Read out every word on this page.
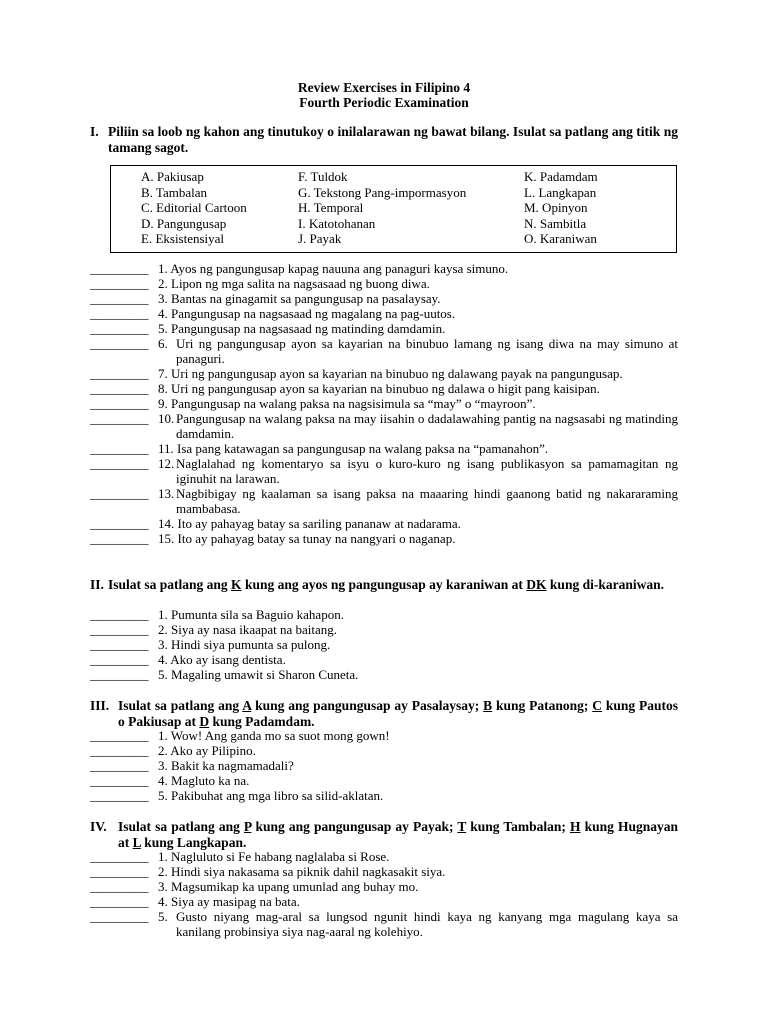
Review Exercises in Filipino 4
Fourth Periodic Examination
I. Piliin sa loob ng kahon ang tinutukoy o inilalarawan ng bawat bilang. Isulat sa patlang ang titik ng tamang sagot.
A. Pakiusap
B. Tambalan
C. Editorial Cartoon
D. Pangungusap
E. Eksistensiyal
F. Tuldok
G. Tekstong Pang-impormasyon
H. Temporal
I. Katotohanan
J. Payak
K. Padamdam
L. Langkapan
M. Opinyon
N. Sambitla
O. Karaniwan
_________ 1. Ayos ng pangungusap kapag nauuna ang panaguri kaysa simuno.
_________ 2. Lipon ng mga salita na nagsasaad ng buong diwa.
_________ 3. Bantas na ginagamit sa pangungusap na pasalaysay.
_________ 4. Pangungusap na nagsasaad ng magalang na pag-uutos.
_________ 5. Pangungusap na nagsasaad ng matinding damdamin.
_________	Uri ng pangungusap ayon sa kayarian na binubuo lamang ng isang diwa na may simuno at panaguri.
6.
_________ 7. Uri ng pangungusap ayon sa kayarian na binubuo ng dalawang payak na pangungusap.
_________ 8. Uri ng pangungusap ayon sa kayarian na binubuo ng dalawa o higit pang kaisipan.
_________ 9. Pangungusap na walang paksa na nagsisimula sa “may” o “mayroon”.
_________	Pangungusap na walang paksa na may iisahin o dadalawahing pantig na nagsasabi ng matinding damdamin.
10.
_________ 11. Isa pang katawagan sa pangungusap na walang paksa na “pamanahon”.
_________	Naglalahad ng komentaryo sa isyu o kuro-kuro ng isang publikasyon sa pamamagitan ng iginuhit na larawan.
12.
_________	Nagbibigay ng kaalaman sa isang paksa na maaaring hindi gaanong batid ng nakararaming mambabasa.
13.
_________ 14. Ito ay pahayag batay sa sariling pananaw at nadarama.
_________ 15. Ito ay pahayag batay sa tunay na nangyari o naganap.
II. Isulat sa patlang ang K kung ang ayos ng pangungusap ay karaniwan at DK kung di-karaniwan.
_________ 1. Pumunta sila sa Baguio kahapon.
_________ 2. Siya ay nasa ikaapat na baitang.
_________ 3. Hindi siya pumunta sa pulong.
_________ 4. Ako ay isang dentista.
_________ 5. Magaling umawit si Sharon Cuneta.
III. Isulat sa patlang ang A kung ang pangungusap ay Pasalaysay; B kung Patanong; C kung Pautos o Pakiusap at D kung Padamdam.
_________ 1. Wow! Ang ganda mo sa suot mong gown!
_________ 2. Ako ay Pilipino.
_________ 3. Bakit ka nagmamadali?
_________ 4. Magluto ka na.
_________ 5. Pakibuhat ang mga libro sa silid-aklatan.
IV. Isulat sa patlang ang P kung ang pangungusap ay Payak; T kung Tambalan; H kung Hugnayan at L kung Langkapan.
_________ 1. Nagluluto si Fe habang naglalaba si Rose.
_________ 2. Hindi siya nakasama sa piknik dahil nagkasakit siya.
_________ 3. Magsumikap ka upang umunlad ang buhay mo.
_________ 4. Siya ay masipag na bata.
_________	Gusto niyang mag-aral sa lungsod ngunit hindi kaya ng kanyang mga magulang kaya sa kanilang probinsiya siya nag-aaral ng kolehiyo.
5.
